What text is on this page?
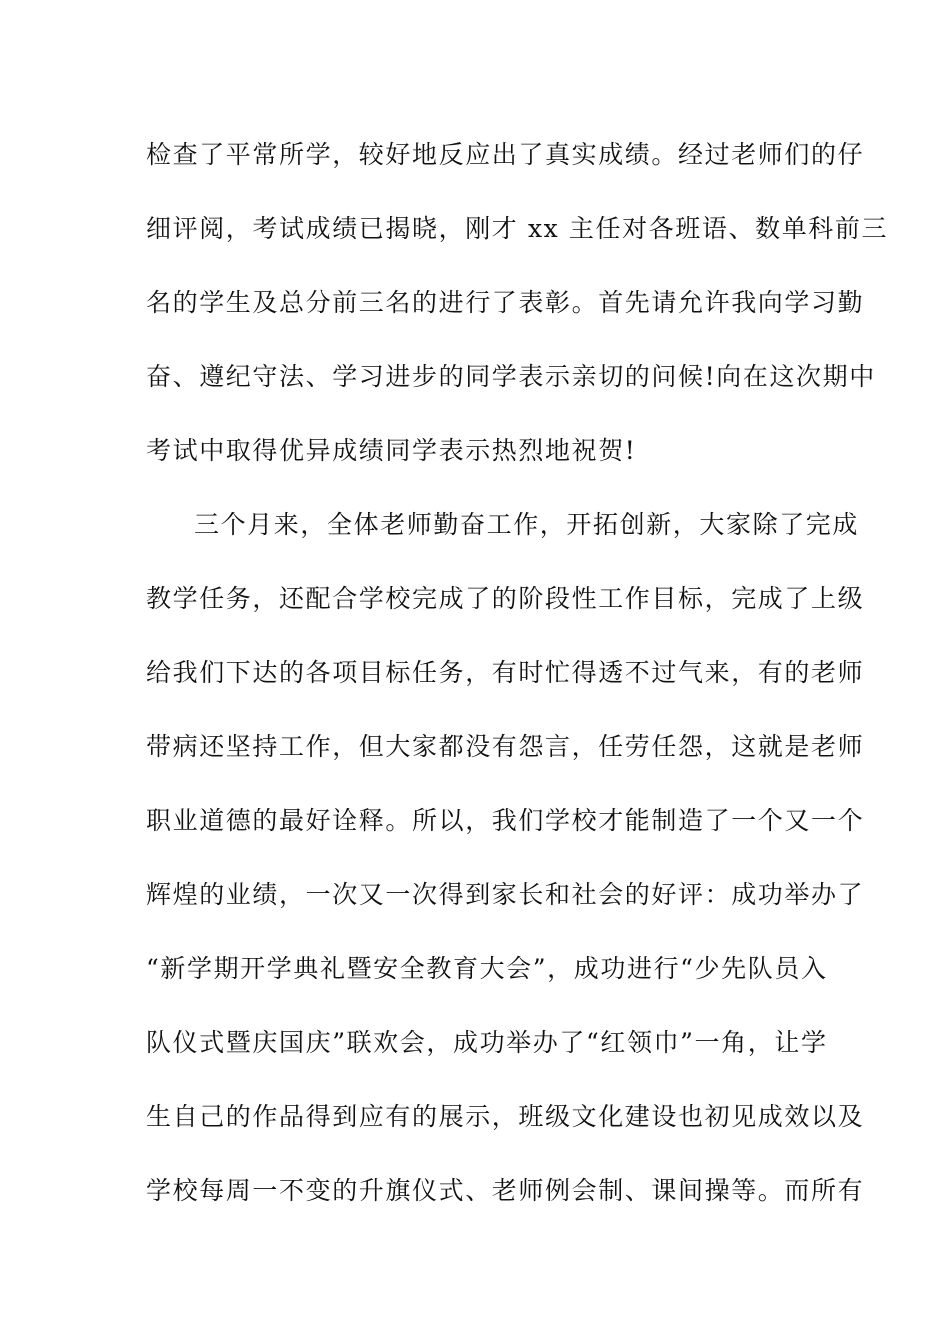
检查了平常所学，较好地反应出了真实成绩。经过老师们的仔
细评阅，考试成绩已揭晓，刚才 xx 主任对各班语、数单科前三
名的学生及总分前三名的进行了表彰。首先请允许我向学习勤
奋、遵纪守法、学习进步的同学表示亲切的问候!向在这次期中
考试中取得优异成绩同学表示热烈地祝贺!
三个月来，全体老师勤奋工作，开拓创新，大家除了完成
教学任务，还配合学校完成了的阶段性工作目标，完成了上级
给我们下达的各项目标任务，有时忙得透不过气来，有的老师
带病还坚持工作，但大家都没有怨言，任劳任怨，这就是老师
职业道德的最好诠释。所以，我们学校才能制造了一个又一个
辉煌的业绩，一次又一次得到家长和社会的好评：成功举办了
“新学期开学典礼暨安全教育大会”，成功进行“少先队员入
队仪式暨庆国庆”联欢会，成功举办了“红领巾”一角，让学
生自己的作品得到应有的展示，班级文化建设也初见成效以及
学校每周一不变的升旗仪式、老师例会制、课间操等。而所有
